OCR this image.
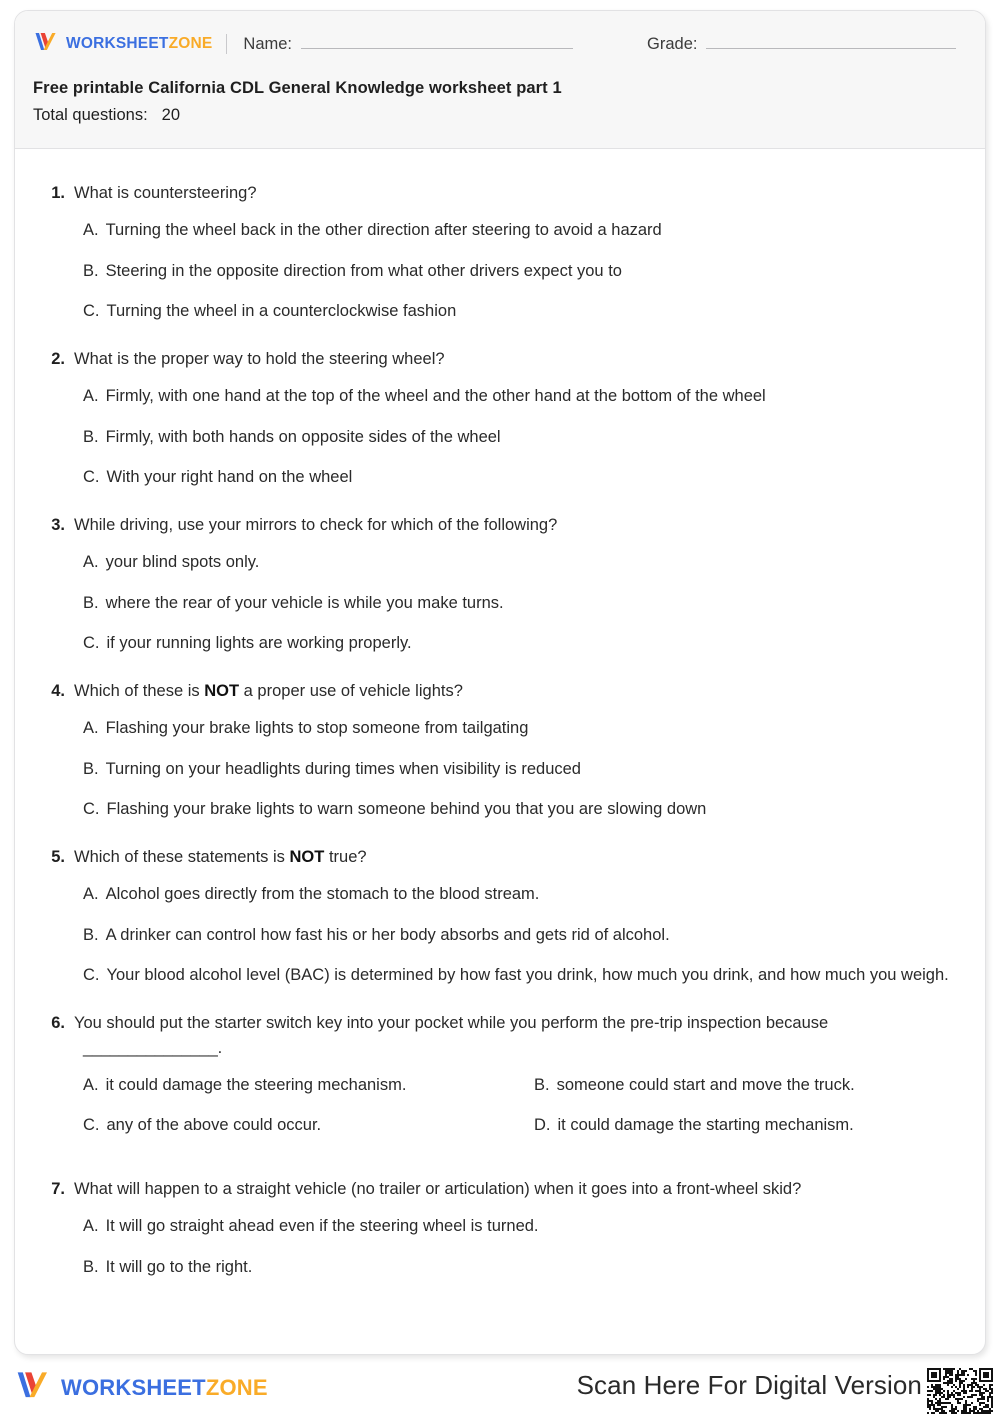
WORKSHEETZONE Name:	Grade:
Free printable California CDL General Knowledge worksheet part 1
Total questions: 20
1. What is countersteering?
A. Turning the wheel back in the other direction after steering to avoid a hazard
B. Steering in the opposite direction from what other drivers expect you to
C. Turning the wheel in a counterclockwise fashion
2. What is the proper way to hold the steering wheel?
A. Firmly, with one hand at the top of the wheel and the other hand at the bottom of the wheel
B. Firmly, with both hands on opposite sides of the wheel
C. With your right hand on the wheel
3. While driving, use your mirrors to check for which of the following?
A. your blind spots only.
B. where the rear of your vehicle is while you make turns.
C. if your running lights are working properly.
4. Which of these is NOT a proper use of vehicle lights?
A. Flashing your brake lights to stop someone from tailgating
B. Turning on your headlights during times when visibility is reduced
C. Flashing your brake lights to warn someone behind you that you are slowing down
5. Which of these statements is NOT true?
A. Alcohol goes directly from the stomach to the blood stream.
B. A drinker can control how fast his or her body absorbs and gets rid of alcohol.
C. Your blood alcohol level (BAC) is determined by how fast you drink, how much you drink, and how much you weigh.
6. You should put the starter switch key into your pocket while you perform the pre-trip inspection because
_______________.
A. it could damage the steering mechanism.	B. someone could start and move the truck.
C. any of the above could occur.	D. it could damage the starting mechanism.
7. What will happen to a straight vehicle (no trailer or articulation) when it goes into a front-wheel skid?
A. It will go straight ahead even if the steering wheel is turned.
B. It will go to the right.
WORKSHEETZONE	Scan Here For Digital Version
